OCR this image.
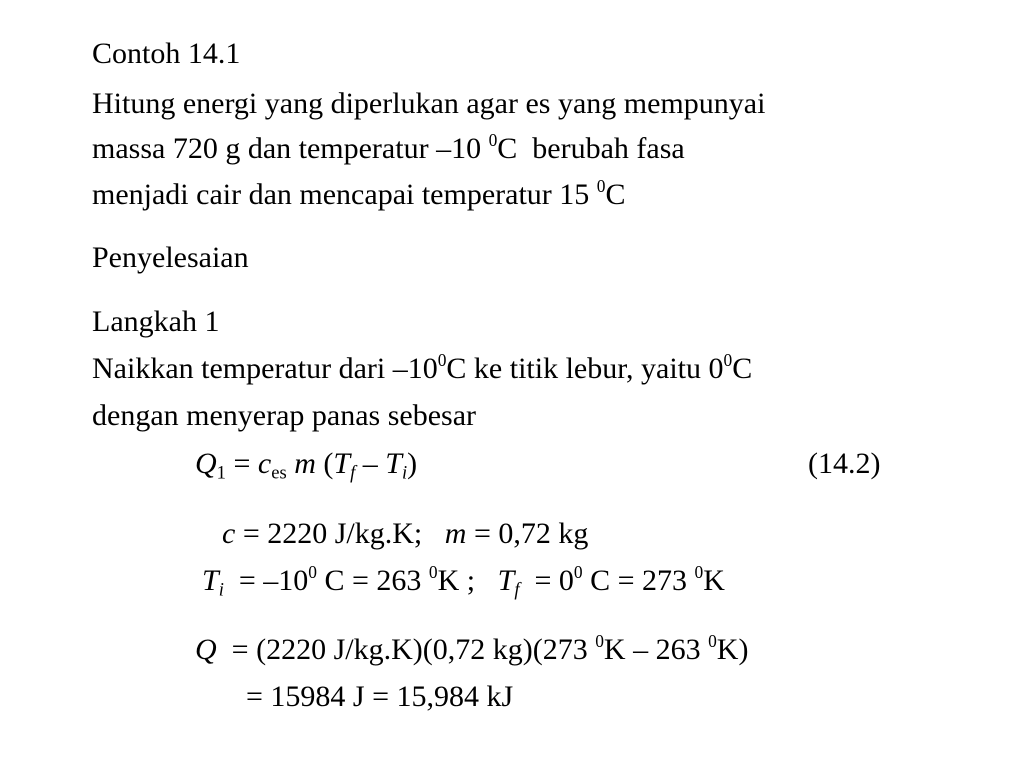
Contoh 14.1
Hitung energi yang diperlukan agar es yang mempunyai
massa 720 g dan temperatur –10 $^0$C  berubah fasa
menjadi cair dan mencapai temperatur 15 $^0$C
Penyelesaian
Langkah 1
Naikkan temperatur dari $-10^0C$ ke titik lebur, yaitu $0^0C$
dengan menyerap panas sebesar
$Q_1 = c_{es}$ m $(T_f - T_i)$	(14.2)
c = 2220 J/kg.K;   m = 0,72 kg
$T_i = -10^0$ C = 263 $^0$K ;   $T_f = 0^0$ C = 273 $^0$K
Q  = (2220 J/kg.K)(0,72 kg)(273 $^0$K – 263 $^0$K)
= 15984 J = 15,984 kJ
